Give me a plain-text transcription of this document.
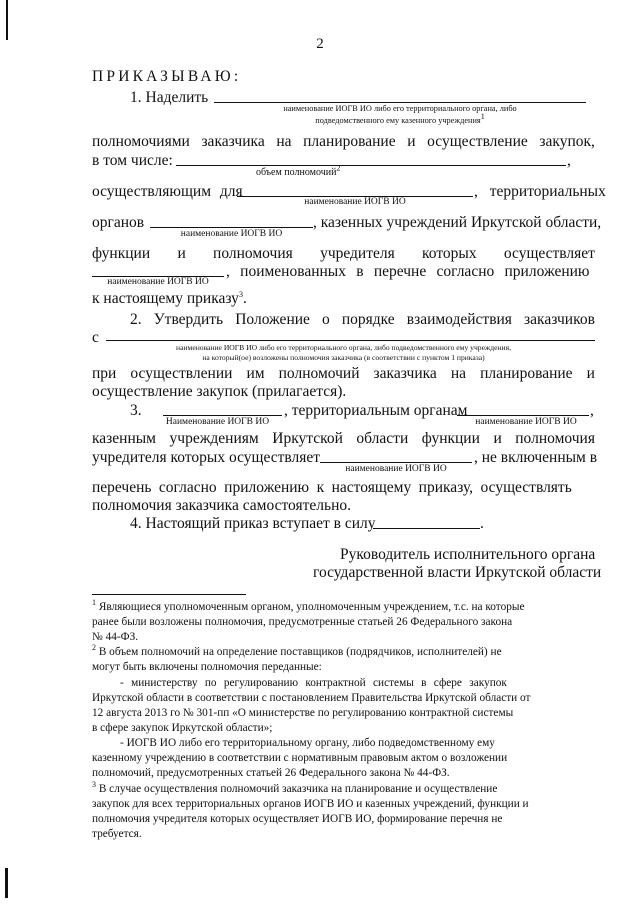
2
ПРИКАЗЫВАЮ:
1. Наделить
наименование ИОГВ ИО либо его территориального органа, либо
подведомственного ему казенного учреждения$^1$
полномочиями заказчика на планирование и осуществление закупок,
в том числе:	,
объем полномочий$^2$
осуществляющим для	, территориальных
наименование ИОГВ ИО
органов	, казенных учреждений Иркутской области,
наименование ИОГВ ИО
функции и полномочия учредителя которых осуществляет
, поименованных в перечне согласно приложению
наименование ИОГВ ИО
к настоящему приказу$^3$.
2. Утвердить Положение о порядке взаимодействия заказчиков
с
наименование ИОГВ ИО либо его территориального органа, либо подведомственного ему учреждения,
на который(ое) возложены полномочия заказчика (в соответствии с пунктом 1 приказа)
при осуществлении им полномочий заказчика на планирование и
осуществление закупок (прилагается).
3.	, территориальным органам	,
Наименование ИОГВ ИО	наименование ИОГВ ИО
казенным учреждениям Иркутской области функции и полномочия
учредителя которых осуществляет	, не включенным в
наименование ИОГВ ИО
перечень согласно приложению к настоящему приказу, осуществлять
полномочия заказчика самостоятельно.
4. Настоящий приказ вступает в силу	.
Руководитель исполнительного органа
государственной власти Иркутской области
$^1$ Являющиеся уполномоченным органом, уполномоченным учреждением, т.с. на которые
ранее были возложены полномочия, предусмотренные статьей 26 Федерального закона
№ 44-ФЗ.
$^2$ В объем полномочий на определение поставщиков (подрядчиков, исполнителей) не
могут быть включены полномочия переданные:
- министерству по регулированию контрактной системы в сфере закупок
Иркутской области в соответствии с постановлением Правительства Иркутской области от
12 августа 2013 го № 301-пп «О министерстве по регулированию контрактной системы
в сфере закупок Иркутской области»;
- ИОГВ ИО либо его территориальному органу, либо подведомственному ему
казенному учреждению в соответствии с нормативным правовым актом о возложении
полномочий, предусмотренных статьей 26 Федерального закона № 44-ФЗ.
$^3$ В случае осуществления полномочий заказчика на планирование и осуществление
закупок для всех территориальных органов ИОГВ ИО и казенных учреждений, функции и
полномочия учредителя которых осуществляет ИОГВ ИО, формирование перечня не
требуется.
